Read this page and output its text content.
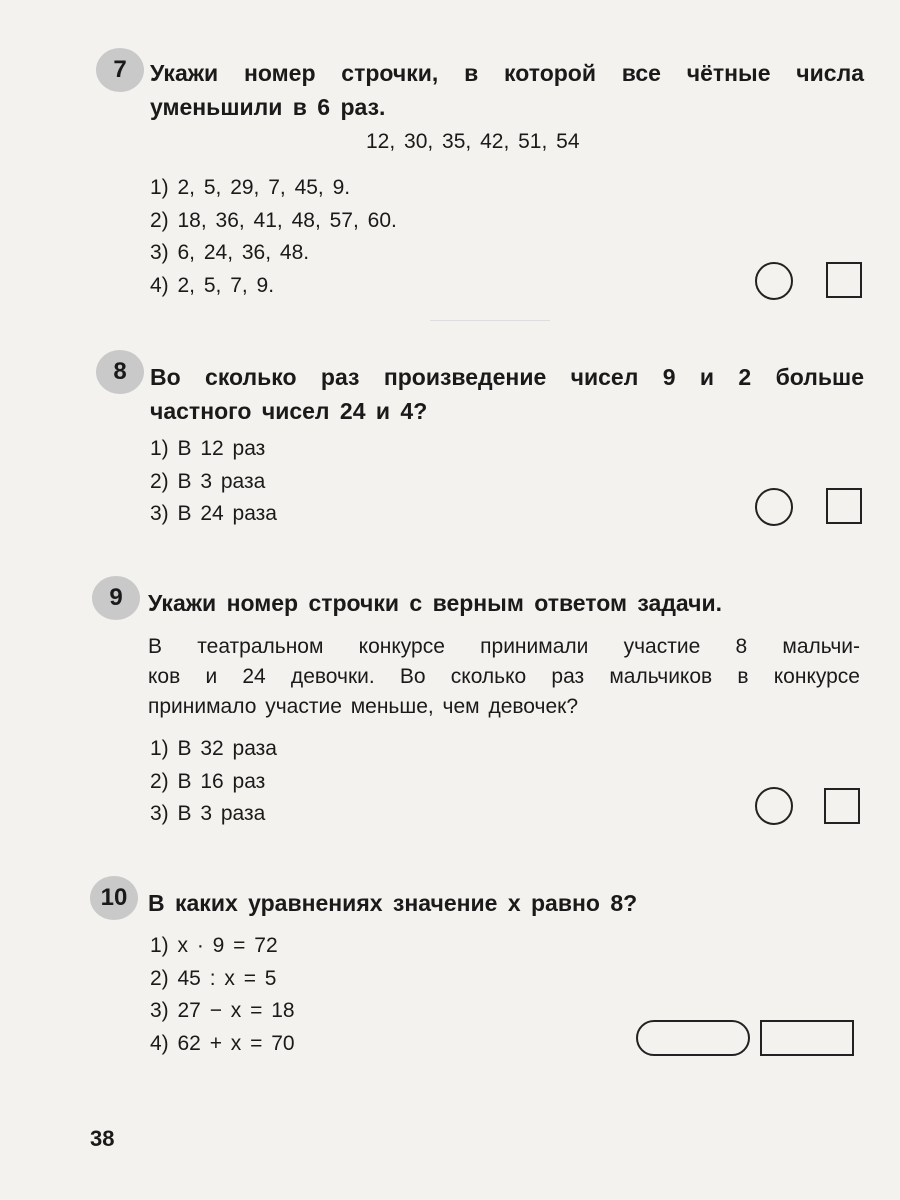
7	Укажи номер строчки, в которой все чётные числа
уменьшили в 6 раз.
12, 30, 35, 42, 51, 54
1) 2, 5, 29, 7, 45, 9.
2) 18, 36, 41, 48, 57, 60.
3) 6, 24, 36, 48.
4) 2, 5, 7, 9.
8	Во сколько раз произведение чисел 9 и 2 больше
частного чисел 24 и 4?
1) В 12 раз
2) В 3 раза
3) В 24 раза
9	Укажи номер строчки с верным ответом задачи.
В театральном конкурсе принимали участие 8 мальчи-
ков и 24 девочки. Во сколько раз мальчиков в конкурсе
принимало участие меньше, чем девочек?
1) В 32 раза
2) В 16 раз
3) В 3 раза
10 В каких уравнениях значение х равно 8?
1) х · 9 = 72
2) 45 : х = 5
3) 27 − х = 18
4) 62 + х = 70
38
